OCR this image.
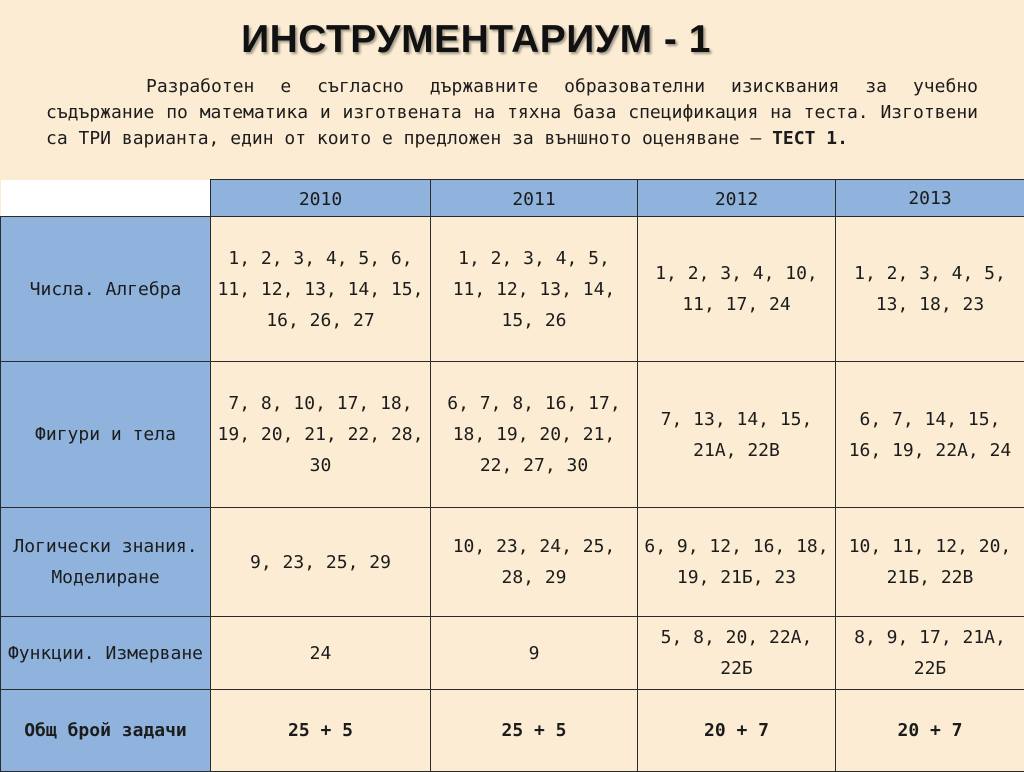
ИНСТРУМЕНТАРИУМ - 1
Разработен е съгласно държавните образователни изисквания за учебно съдържание по математика и изготвената на тяхна база спецификация на теста. Изготвени са ТРИ варианта, един от които е предложен за външното оценяване – ТЕСТ 1.
	2010	2011	2012	2013
Числа. Алгебра	1, 2, 3, 4, 5, 6, 11, 12, 13, 14, 15, 16, 26, 27	1, 2, 3, 4, 5, 11, 12, 13, 14, 15, 26	1, 2, 3, 4, 10, 11, 17, 24	1, 2, 3, 4, 5, 13, 18, 23
Фигури и тела	7, 8, 10, 17, 18, 19, 20, 21, 22, 28, 30	6, 7, 8, 16, 17, 18, 19, 20, 21, 22, 27, 30	7, 13, 14, 15, 21А, 22В	6, 7, 14, 15, 16, 19, 22А, 24
Логически знания. Моделиране	9, 23, 25, 29	10, 23, 24, 25, 28, 29	6, 9, 12, 16, 18, 19, 21Б, 23	10, 11, 12, 20, 21Б, 22В
Функции. Измерване	24	9	5, 8, 20, 22А, 22Б	8, 9, 17, 21А, 22Б
Общ брой задачи	25 + 5	25 + 5	20 + 7	20 + 7
